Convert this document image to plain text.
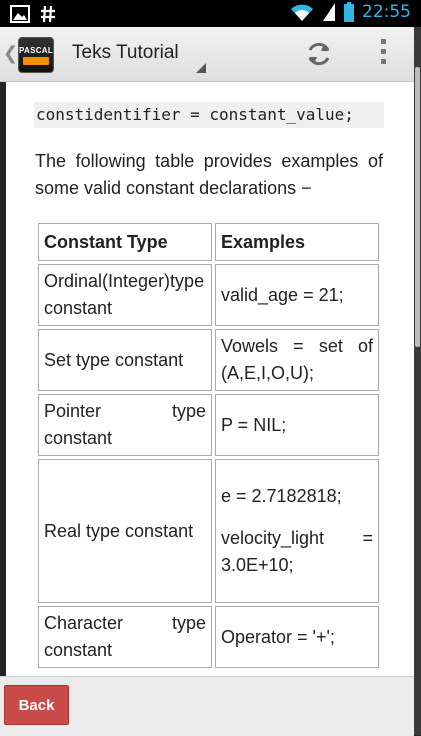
22:55
❮ PASCAL Teks Tutorial
constidentifier = constant_value;
The following table provides examples of some valid constant declarations −
Constant Type	Examples
Ordinal(Integer)type constant	valid_age = 21;
Set type constant	Vowels = set of (A,E,I,O,U);
Pointer type constant	P = NIL;
Real type constant	e = 2.7182818;
velocity_light = 3.0E+10;

Character type constant	Operator = '+';
Back
